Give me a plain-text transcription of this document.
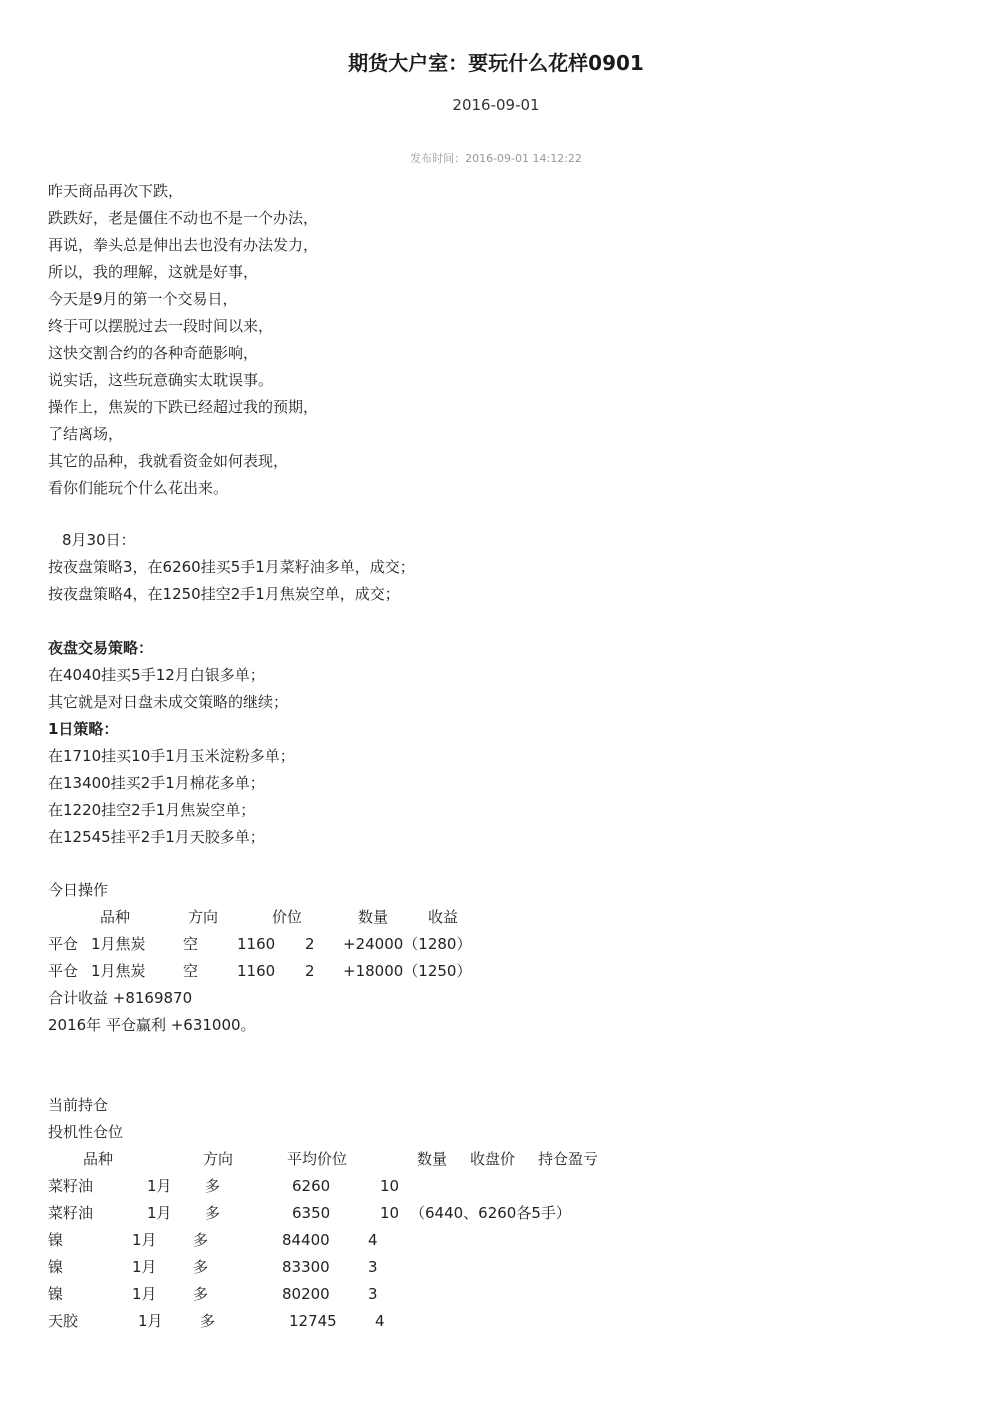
期货大户室：要玩什么花样0901
2016-09-01
发布时间：2016-09-01 14:12:22
昨天商品再次下跌，
跌跌好，老是僵住不动也不是一个办法，
再说，拳头总是伸出去也没有办法发力，
所以，我的理解，这就是好事，
今天是9月的第一个交易日，
终于可以摆脱过去一段时间以来，
这快交割合约的各种奇葩影响，
说实话，这些玩意确实太耽误事。
操作上，焦炭的下跌已经超过我的预期，
了结离场，
其它的品种，我就看资金如何表现，
看你们能玩个什么花出来。
8月30日：
按夜盘策略3，在6260挂买5手1月菜籽油多单，成交；
按夜盘策略4，在1250挂空2手1月焦炭空单，成交；
夜盘交易策略：
在4040挂买5手12月白银多单；
其它就是对日盘未成交策略的继续；
1日策略：
在1710挂买10手1月玉米淀粉多单；
在13400挂买2手1月棉花多单；
在1220挂空2手1月焦炭空单；
在12545挂平2手1月天胶多单；
今日操作
品种	方向	价位	数量	收益
平仓 1月焦炭 空	1160 2 +24000（1280）
平仓 1月焦炭 空	1160 2 +18000（1250）
合计收益 +8169870
2016年 平仓赢利 +631000。
当前持仓
投机性仓位
品种	方向	平均价位	数量 收盘价 持仓盈亏
菜籽油	1月 多	6260	10
菜籽油	1月 多	6350	10 （6440、6260各5手）
镍	1月 多	84400	4
镍	1月 多	83300	3
镍	1月 多	80200	3
天胶	1月 多	12745	4
